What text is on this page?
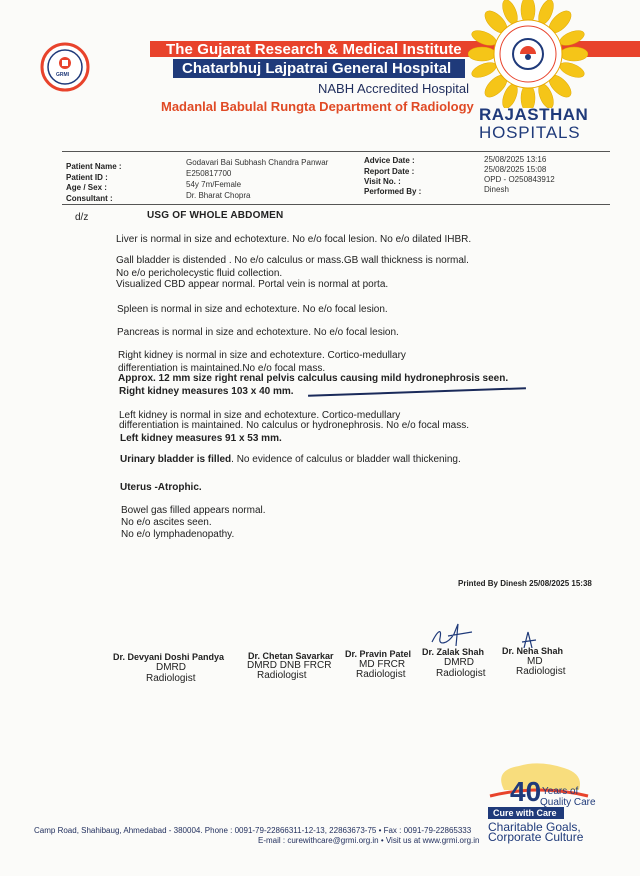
GRMI
The Gujarat Research & Medical Institute
Chatarbhuj Lajpatrai General Hospital
NABH Accredited Hospital
Madanlal Babulal Rungta Department of Radiology RAJASTHAN
HOSPITALS
Patient Name :
Patient ID :
Age / Sex :
Consultant :
Godavari Bai Subhash Chandra Panwar
E250817700
54y 7m/Female
Dr. Bharat Chopra
Advice Date :
Report Date :
Visit No. :
Performed By :
25/08/2025 13:16
25/08/2025 15:08
OPD - O250843912
Dinesh
d/z	USG OF WHOLE ABDOMEN
Liver is normal in size and echotexture. No e/o focal lesion. No e/o dilated IHBR.
Gall bladder is distended . No e/o calculus or mass.GB wall thickness is normal.
No e/o pericholecystic fluid collection.
Visualized CBD appear normal. Portal vein is normal at porta.
Spleen is normal in size and echotexture. No e/o focal lesion.
Pancreas is normal in size and echotexture. No e/o focal lesion.
Right kidney is normal in size and echotexture. Cortico-medullary
differentiation is maintained.No e/o focal mass.
Approx. 12 mm size right renal pelvis calculus causing mild hydronephrosis seen.
Right kidney measures 103 x 40 mm.
Left kidney is normal in size and echotexture. Cortico-medullary
differentiation is maintained. No calculus or hydronephrosis. No e/o focal mass.
Left kidney measures 91 x 53 mm.
Urinary bladder is filled. No evidence of calculus or bladder wall thickening.
Uterus -Atrophic.
Bowel gas filled appears normal.
No e/o ascites seen.
No e/o lymphadenopathy.
Printed By Dinesh 25/08/2025 15:38
Dr. Devyani Doshi Pandya
DMRD
Radiologist
Dr. Chetan Savarkar
DMRD DNB FRCR
Radiologist
Dr. Pravin Patel
MD FRCR
Radiologist
Dr. Zalak Shah
DMRD
Radiologist
Dr. Neha Shah
MD
Radiologist
40 Years of
Quality Care
Cure with Care
Camp Road, Shahibaug, Ahmedabad - 380004. Phone : 0091-79-22866311-12-13, 22863673-75 • Fax : 0091-79-22865333
E-mail : curewithcare@grmi.org.in • Visit us at www.grmi.org.in
Charitable Goals,
Corporate Culture
